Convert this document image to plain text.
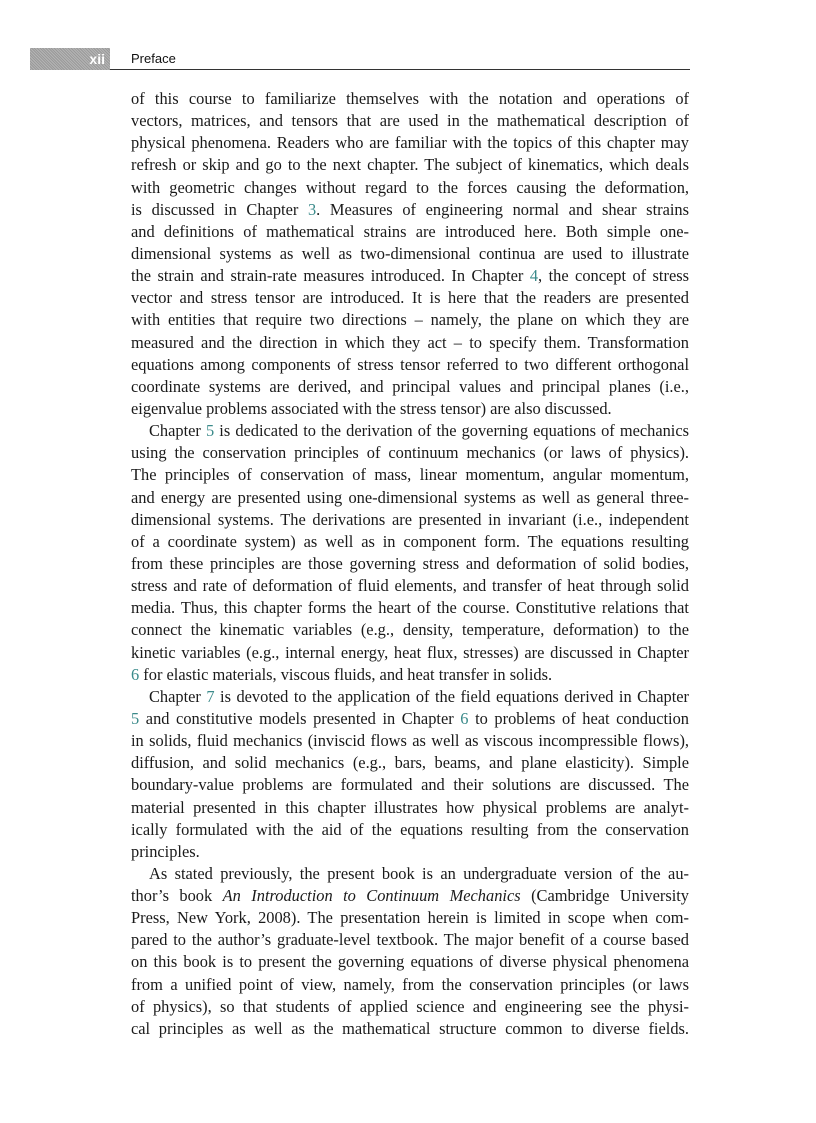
xii Preface
of this course to familiarize themselves with the notation and operations of
vectors, matrices, and tensors that are used in the mathematical description of
physical phenomena. Readers who are familiar with the topics of this chapter may
refresh or skip and go to the next chapter. The subject of kinematics, which deals
with geometric changes without regard to the forces causing the deformation,
is discussed in Chapter 3. Measures of engineering normal and shear strains
and definitions of mathematical strains are introduced here. Both simple one-
dimensional systems as well as two-dimensional continua are used to illustrate
the strain and strain-rate measures introduced. In Chapter 4, the concept of stress
vector and stress tensor are introduced. It is here that the readers are presented
with entities that require two directions – namely, the plane on which they are
measured and the direction in which they act – to specify them. Transformation
equations among components of stress tensor referred to two different orthogonal
coordinate systems are derived, and principal values and principal planes (i.e.,
eigenvalue problems associated with the stress tensor) are also discussed.
Chapter 5 is dedicated to the derivation of the governing equations of mechanics
using the conservation principles of continuum mechanics (or laws of physics).
The principles of conservation of mass, linear momentum, angular momentum,
and energy are presented using one-dimensional systems as well as general three-
dimensional systems. The derivations are presented in invariant (i.e., independent
of a coordinate system) as well as in component form. The equations resulting
from these principles are those governing stress and deformation of solid bodies,
stress and rate of deformation of fluid elements, and transfer of heat through solid
media. Thus, this chapter forms the heart of the course. Constitutive relations that
connect the kinematic variables (e.g., density, temperature, deformation) to the
kinetic variables (e.g., internal energy, heat flux, stresses) are discussed in Chapter
6 for elastic materials, viscous fluids, and heat transfer in solids.
Chapter 7 is devoted to the application of the field equations derived in Chapter
5 and constitutive models presented in Chapter 6 to problems of heat conduction
in solids, fluid mechanics (inviscid flows as well as viscous incompressible flows),
diffusion, and solid mechanics (e.g., bars, beams, and plane elasticity). Simple
boundary-value problems are formulated and their solutions are discussed. The
material presented in this chapter illustrates how physical problems are analyt-
ically formulated with the aid of the equations resulting from the conservation
principles.
As stated previously, the present book is an undergraduate version of the au-
thor’s book An Introduction to Continuum Mechanics (Cambridge University
Press, New York, 2008). The presentation herein is limited in scope when com-
pared to the author’s graduate-level textbook. The major benefit of a course based
on this book is to present the governing equations of diverse physical phenomena
from a unified point of view, namely, from the conservation principles (or laws
of physics), so that students of applied science and engineering see the physi-
cal principles as well as the mathematical structure common to diverse fields.
